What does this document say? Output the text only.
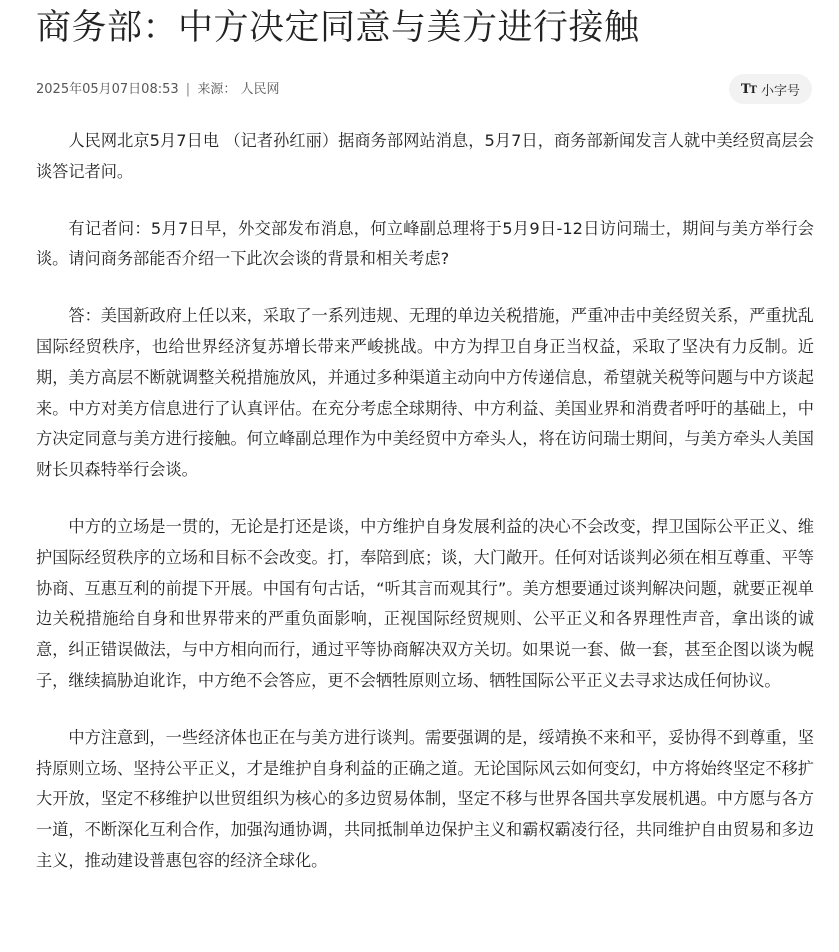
商务部：中方决定同意与美方进行接触
2025年05月07日08:53 | 来源： 人民网	TT 小字号

人民网北京5月7日电 （记者孙红丽）据商务部网站消息，5月7日，商务部新闻发言人就中美经贸高层会谈答记者问。

有记者问：5月7日早，外交部发布消息，何立峰副总理将于5月9日-12日访问瑞士，期间与美方举行会谈。请问商务部能否介绍一下此次会谈的背景和相关考虑?

答：美国新政府上任以来，采取了一系列违规、无理的单边关税措施，严重冲击中美经贸关系，严重扰乱国际经贸秩序，也给世界经济复苏增长带来严峻挑战。中方为捍卫自身正当权益，采取了坚决有力反制。近期，美方高层不断就调整关税措施放风，并通过多种渠道主动向中方传递信息，希望就关税等问题与中方谈起来。中方对美方信息进行了认真评估。在充分考虑全球期待、中方利益、美国业界和消费者呼吁的基础上，中方决定同意与美方进行接触。何立峰副总理作为中美经贸中方牵头人，将在访问瑞士期间，与美方牵头人美国财长贝森特举行会谈。

中方的立场是一贯的，无论是打还是谈，中方维护自身发展利益的决心不会改变，捍卫国际公平正义、维护国际经贸秩序的立场和目标不会改变。打，奉陪到底；谈，大门敞开。任何对话谈判必须在相互尊重、平等协商、互惠互利的前提下开展。中国有句古话，“听其言而观其行”。美方想要通过谈判解决问题，就要正视单边关税措施给自身和世界带来的严重负面影响，正视国际经贸规则、公平正义和各界理性声音，拿出谈的诚意，纠正错误做法，与中方相向而行，通过平等协商解决双方关切。如果说一套、做一套，甚至企图以谈为幌子，继续搞胁迫讹诈，中方绝不会答应，更不会牺牲原则立场、牺牲国际公平正义去寻求达成任何协议。

中方注意到，一些经济体也正在与美方进行谈判。需要强调的是，绥靖换不来和平，妥协得不到尊重，坚持原则立场、坚持公平正义，才是维护自身利益的正确之道。无论国际风云如何变幻，中方将始终坚定不移扩大开放，坚定不移维护以世贸组织为核心的多边贸易体制，坚定不移与世界各国共享发展机遇。中方愿与各方一道，不断深化互利合作，加强沟通协调，共同抵制单边保护主义和霸权霸凌行径，共同维护自由贸易和多边主义，推动建设普惠包容的经济全球化。
